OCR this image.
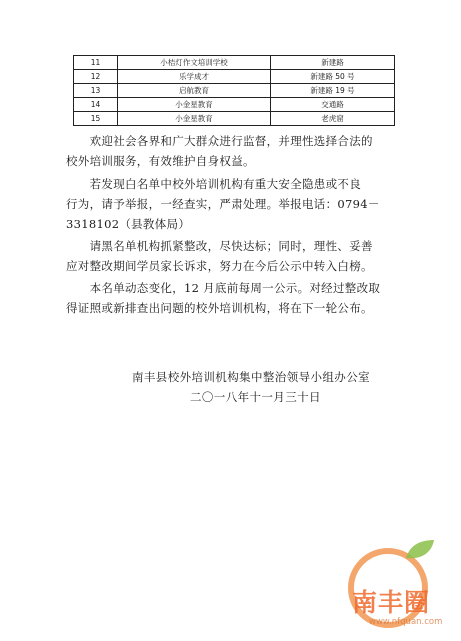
11	小桔灯作文培训学校	新建路
12	乐学成才	新建路 50 号
13	启航教育	新建路 19 号
14	小金星教育	交通路
15	小金星教育	老虎窟
　　欢迎社会各界和广大群众进行监督，并理性选择合法的
校外培训服务，有效维护自身权益。
　　若发现白名单中校外培训机构有重大安全隐患或不良
行为，请予举报，一经查实，严肃处理。举报电话：0794－
3318102（县教体局）
　　请黑名单机构抓紧整改，尽快达标；同时，理性、妥善
应对整改期间学员家长诉求，努力在今后公示中转入白榜。
　　本名单动态变化，12 月底前每周一公示。对经过整改取
得证照或新排查出问题的校外培训机构，将在下一轮公布。
南丰县校外培训机构集中整治领导小组办公室
二〇一八年十一月三十日
南丰圈
www.nfquan.com
